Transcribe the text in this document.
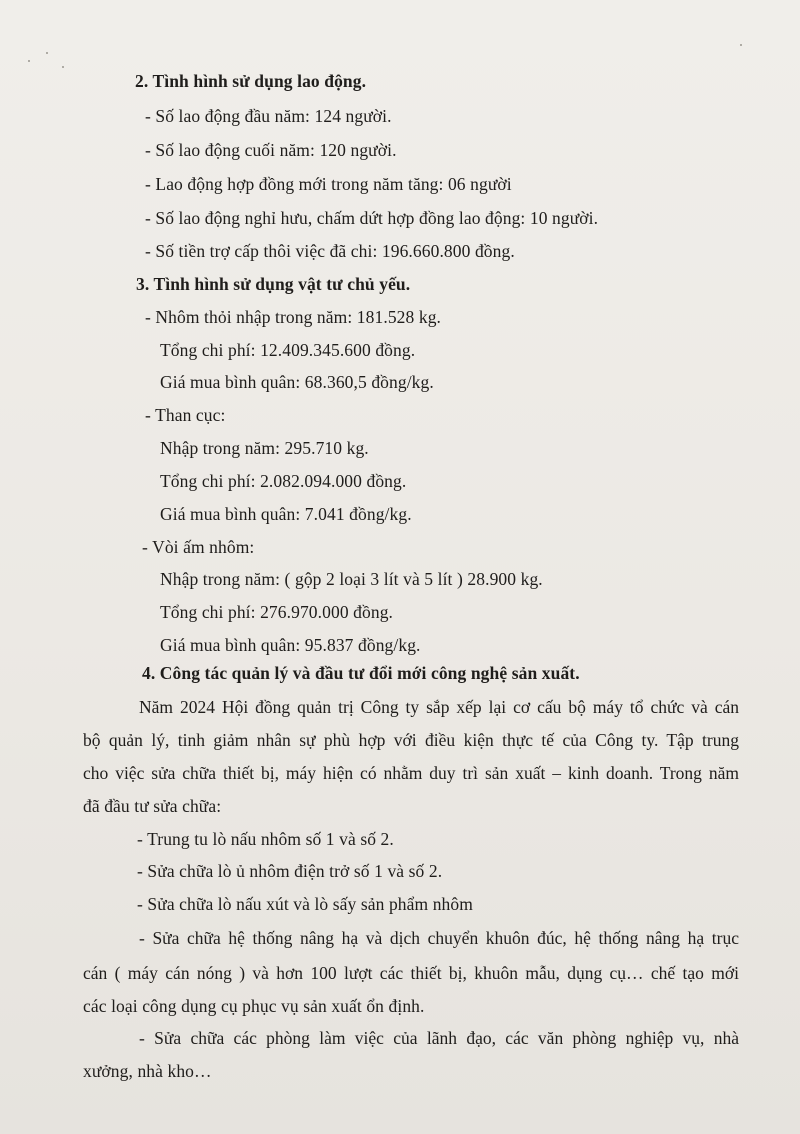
2. Tình hình sử dụng lao động.
- Số lao động đầu năm: 124 người.
- Số lao động cuối năm: 120 người.
- Lao động hợp đồng mới trong năm tăng: 06 người
- Số lao động nghỉ hưu, chấm dứt hợp đồng lao động: 10 người.
- Số tiền trợ cấp thôi việc đã chi: 196.660.800 đồng.
3. Tình hình sử dụng vật tư chủ yếu.
- Nhôm thỏi nhập trong năm: 181.528 kg.
Tổng chi phí: 12.409.345.600 đồng.
Giá mua bình quân: 68.360,5 đồng/kg.
- Than cục:
Nhập trong năm: 295.710 kg.
Tổng chi phí: 2.082.094.000 đồng.
Giá mua bình quân: 7.041 đồng/kg.
- Vòi ấm nhôm:
Nhập trong năm: ( gộp 2 loại 3 lít và 5 lít ) 28.900 kg.
Tổng chi phí: 276.970.000 đồng.
Giá mua bình quân: 95.837 đồng/kg.
4. Công tác quản lý và đầu tư đổi mới công nghệ sản xuất.
Năm 2024 Hội đồng quản trị Công ty sắp xếp lại cơ cấu bộ máy tổ chức và cán
bộ quản lý, tinh giảm nhân sự phù hợp với điều kiện thực tế của Công ty. Tập trung
cho việc sửa chữa thiết bị, máy hiện có nhằm duy trì sản xuất – kinh doanh. Trong năm
đã đầu tư sửa chữa:
- Trung tu lò nấu nhôm số 1 và số 2.
- Sửa chữa lò ủ nhôm điện trở số 1 và số 2.
- Sửa chữa lò nấu xút và lò sấy sản phẩm nhôm
- Sửa chữa hệ thống nâng hạ và dịch chuyển khuôn đúc, hệ thống nâng hạ trục
cán ( máy cán nóng ) và hơn 100 lượt các thiết bị, khuôn mẫu, dụng cụ… chế tạo mới
các loại công dụng cụ phục vụ sản xuất ổn định.
- Sửa chữa các phòng làm việc của lãnh đạo, các văn phòng nghiệp vụ, nhà
xưởng, nhà kho…
